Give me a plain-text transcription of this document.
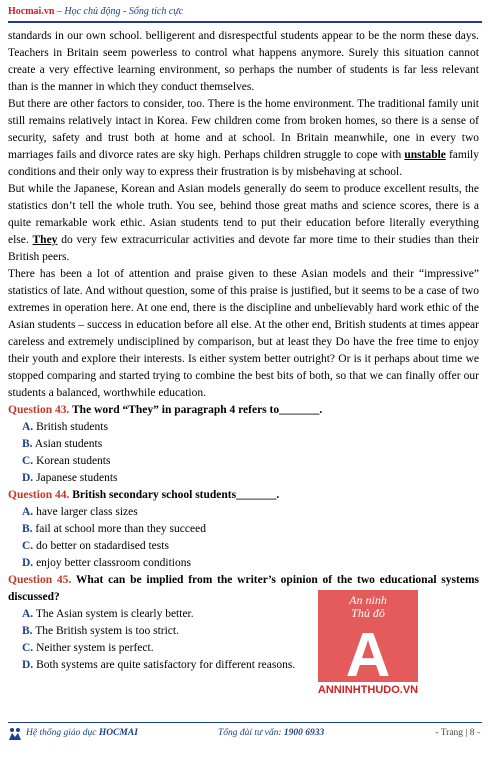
Hocmai.vn – Học chủ động - Sống tích cực

standards in our own school. belligerent and disrespectful students appear to be the norm these days. Teachers in Britain seem powerless to control what happens anymore. Surely this situation cannot create a very effective learning environment, so perhaps the number of students is far less relevant than is the manner in which they conduct themselves.

But there are other factors to consider, too. There is the home environment. The traditional family unit still remains relatively intact in Korea. Few children come from broken homes, so there is a sense of security, safety and trust both at home and at school. In Britain meanwhile, one in every two marriages fails and divorce rates are sky high. Perhaps children struggle to cope with unstable family conditions and their only way to express their frustration is by misbehaving at school.

But while the Japanese, Korean and Asian models generally do seem to produce excellent results, the statistics don’t tell the whole truth. You see, behind those great maths and science scores, there is a quite remarkable work ethic. Asian students tend to put their education before literally everything else. They do very few extracurricular activities and devote far more time to their studies than their British peers.

There has been a lot of attention and praise given to these Asian models and their “impressive” statistics of late. And without question, some of this praise is justified, but it seems to be a case of two extremes in operation here. At one end, there is the discipline and unbelievably hard work ethic of the Asian students – success in education before all else. At the other end, British students at times appear careless and extremely undisciplined by comparison, but at least they Do have the free time to enjoy their youth and explore their interests. Is either system better outright? Or is it perhaps about time we stopped comparing and started trying to combine the best bits of both, so that we can finally offer our students a balanced, worthwhile education.

Question 43. The word “They” in paragraph 4 refers to_______.
A. British students
B. Asian students
C. Korean students
D. Japanese students
Question 44. British secondary school students_______.
A. have larger class sizes
B. fail at school more than they succeed
C. do better on stadardised tests
D. enjoy better classroom conditions
Question 45. What can be implied from the writer’s opinion of the two educational systems discussed?
A. The Asian system is clearly better.
B. The British system is too strict.
C. Neither system is perfect.
D. Both systems are quite satisfactory for different reasons.
An ninh
Thủ đô
A
ANNINHTHUDO.VN
Hệ thống giáo dục HOCMAI	Tổng đài tư vấn: 1900 6933	- Trang | 8 -
